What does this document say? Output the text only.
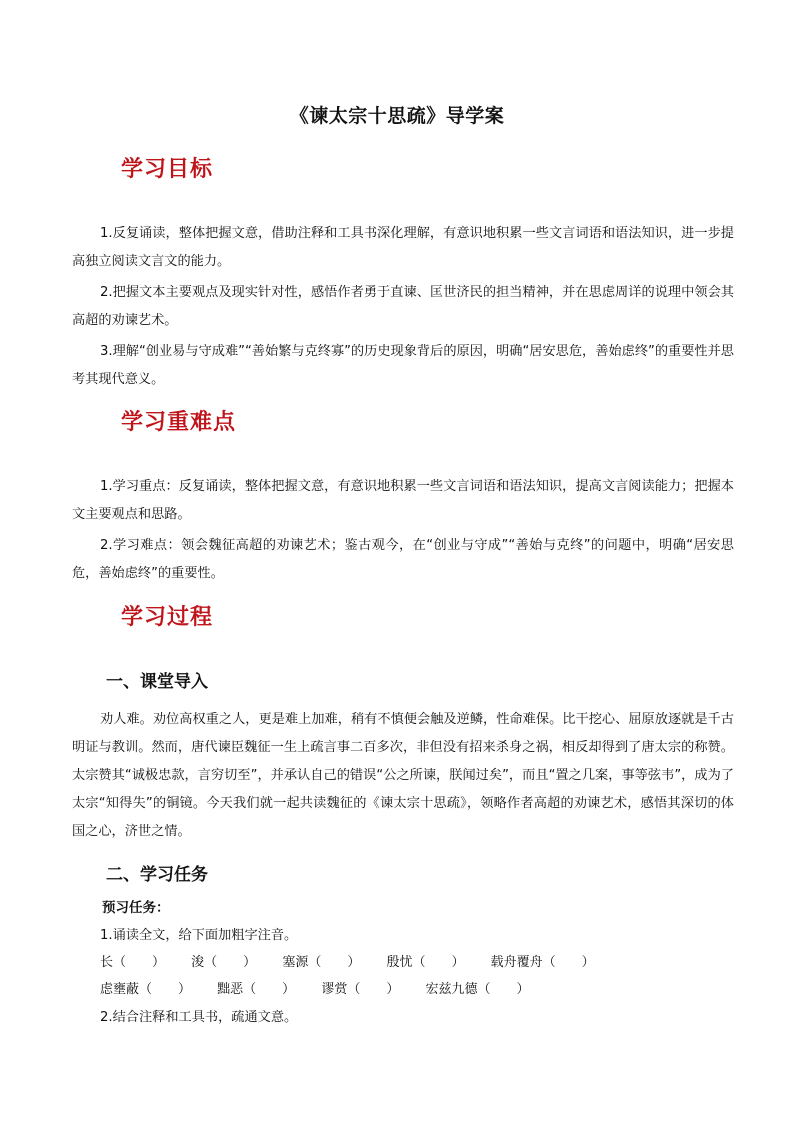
《谏太宗十思疏》导学案
学习目标

1.反复诵读，整体把握文意，借助注释和工具书深化理解，有意识地积累一些文言词语和语法知识，进一步提高独立阅读文言文的能力。

2.把握文本主要观点及现实针对性，感悟作者勇于直谏、匡世济民的担当精神，并在思虑周详的说理中领会其高超的劝谏艺术。

3.理解“创业易与守成难”“善始繁与克终寡”的历史现象背后的原因，明确“居安思危，善始虑终”的重要性并思考其现代意义。

学习重难点

1.学习重点：反复诵读，整体把握文意，有意识地积累一些文言词语和语法知识，提高文言阅读能力；把握本文主要观点和思路。

2.学习难点：领会魏征高超的劝谏艺术；鉴古观今，在“创业与守成”“善始与克终”的问题中，明确“居安思危，善始虑终”的重要性。

学习过程
一、课堂导入

劝人难。劝位高权重之人，更是难上加难，稍有不慎便会触及逆鳞，性命难保。比干挖心、屈原放逐就是千古明证与教训。然而，唐代谏臣魏征一生上疏言事二百多次，非但没有招来杀身之祸，相反却得到了唐太宗的称赞。太宗赞其“诚极忠款，言穷切至”，并承认自己的错误“公之所谏，朕闻过矣”，而且“置之几案，事等弦韦”，成为了太宗“知得失”的铜镜。今天我们就一起共读魏征的《谏太宗十思疏》，领略作者高超的劝谏艺术，感悟其深切的体国之心，济世之情。

二、学习任务
预习任务：
1.诵读全文，给下面加粗字注音。
长（　　） 浚（　　） 塞源（　　） 殷忧（　　） 载舟覆舟（　　）
虑壅蔽（　　） 黜恶（　　） 谬赏（　　） 宏兹九德（　　）
2.结合注释和工具书，疏通文意。
